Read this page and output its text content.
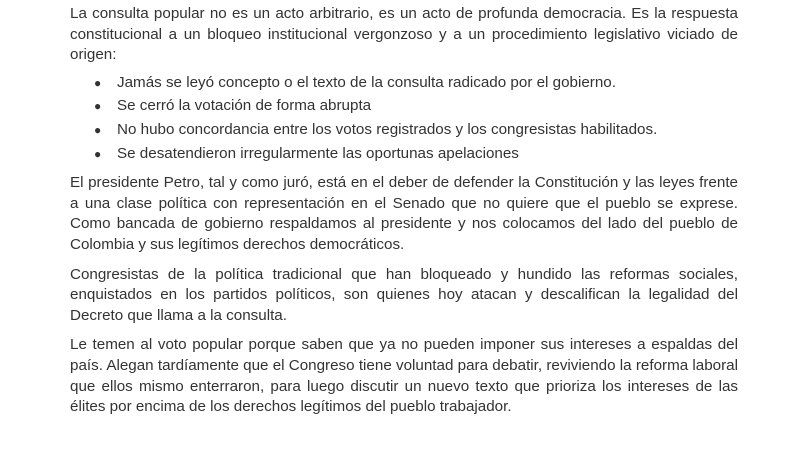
La consulta popular no es un acto arbitrario, es un acto de profunda democracia. Es la respuesta constitucional a un bloqueo institucional vergonzoso y a un procedimiento legislativo viciado de origen:

● Jamás se leyó concepto o el texto de la consulta radicado por el gobierno.
● Se cerró la votación de forma abrupta
● No hubo concordancia entre los votos registrados y los congresistas habilitados.
● Se desatendieron irregularmente las oportunas apelaciones

El presidente Petro, tal y como juró, está en el deber de defender la Constitución y las leyes frente a una clase política con representación en el Senado que no quiere que el pueblo se exprese. Como bancada de gobierno respaldamos al presidente y nos colocamos del lado del pueblo de Colombia y sus legítimos derechos democráticos.

Congresistas de la política tradicional que han bloqueado y hundido las reformas sociales, enquistados en los partidos políticos, son quienes hoy atacan y descalifican la legalidad del Decreto que llama a la consulta.

Le temen al voto popular porque saben que ya no pueden imponer sus intereses a espaldas del país. Alegan tardíamente que el Congreso tiene voluntad para debatir, reviviendo la reforma laboral que ellos mismo enterraron, para luego discutir un nuevo texto que prioriza los intereses de las élites por encima de los derechos legítimos del pueblo trabajador.
